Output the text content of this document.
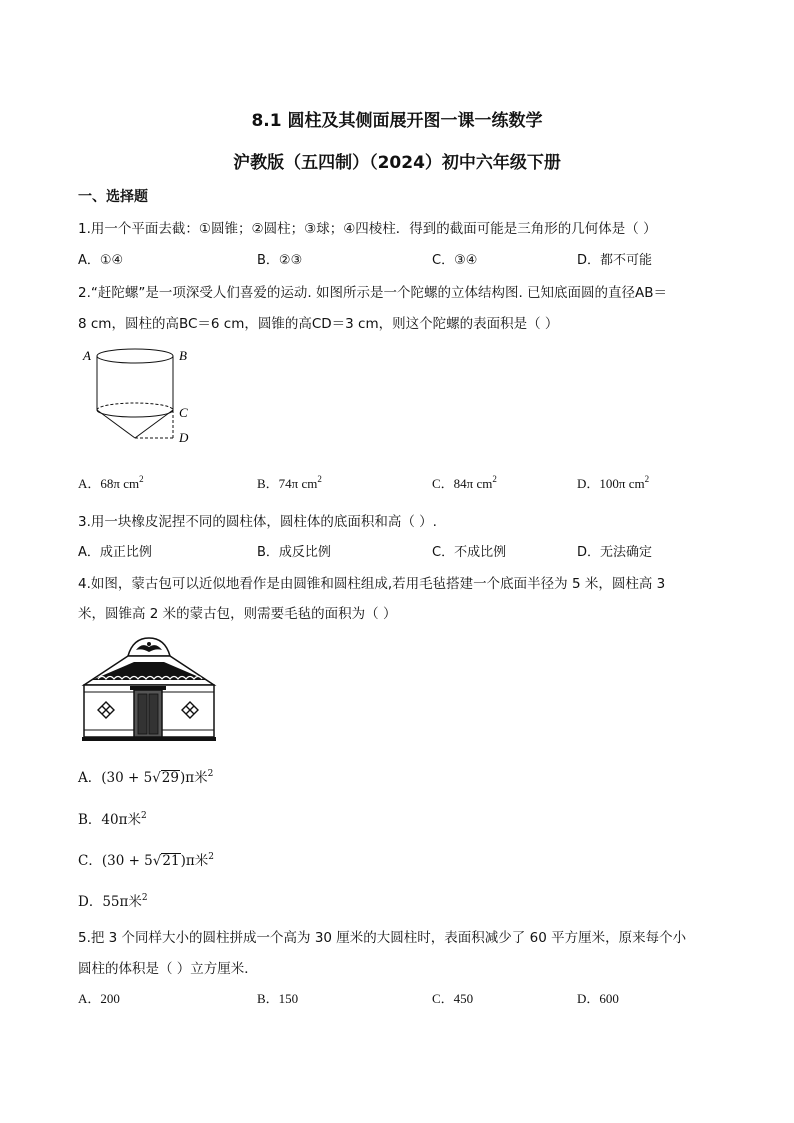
8.1 圆柱及其侧面展开图一课一练数学
沪教版（五四制）（2024）初中六年级下册
一、选择题
1.用一个平面去截：①圆锥；②圆柱；③球；④四棱柱．得到的截面可能是三角形的几何体是（ ）
A．①④	B．②③	C．③④	D．都不可能
2.“赶陀螺”是一项深受人们喜爱的运动. 如图所示是一个陀螺的立体结构图. 已知底面圆的直径AB＝
8 cm，圆柱的高BC＝6 cm，圆锥的高CD＝3 cm，则这个陀螺的表面积是（ ）
A	B
C
D
A．68π $cm^2$	B．74π $cm^2$	C．84π $cm^2$	D．100π $cm^2$
3.用一块橡皮泥捏不同的圆柱体，圆柱体的底面积和高（ ）.
A．成正比例	B．成反比例	C．不成比例	D．无法确定
4.如图，蒙古包可以近似地看作是由圆锥和圆柱组成,若用毛毡搭建一个底面半径为 5 米，圆柱高 3
米，圆锥高 2 米的蒙古包，则需要毛毡的面积为（ ）
A．(30 + 5√29)π米$^2$
B．40π米$^2$
C．(30 + 5√21)π米$^2$
D．55π米$^2$
5.把 3 个同样大小的圆柱拼成一个高为 30 厘米的大圆柱时，表面积减少了 60 平方厘米，原来每个小
圆柱的体积是（ ）立方厘米．
A．200	B．150	C．450	D．600
